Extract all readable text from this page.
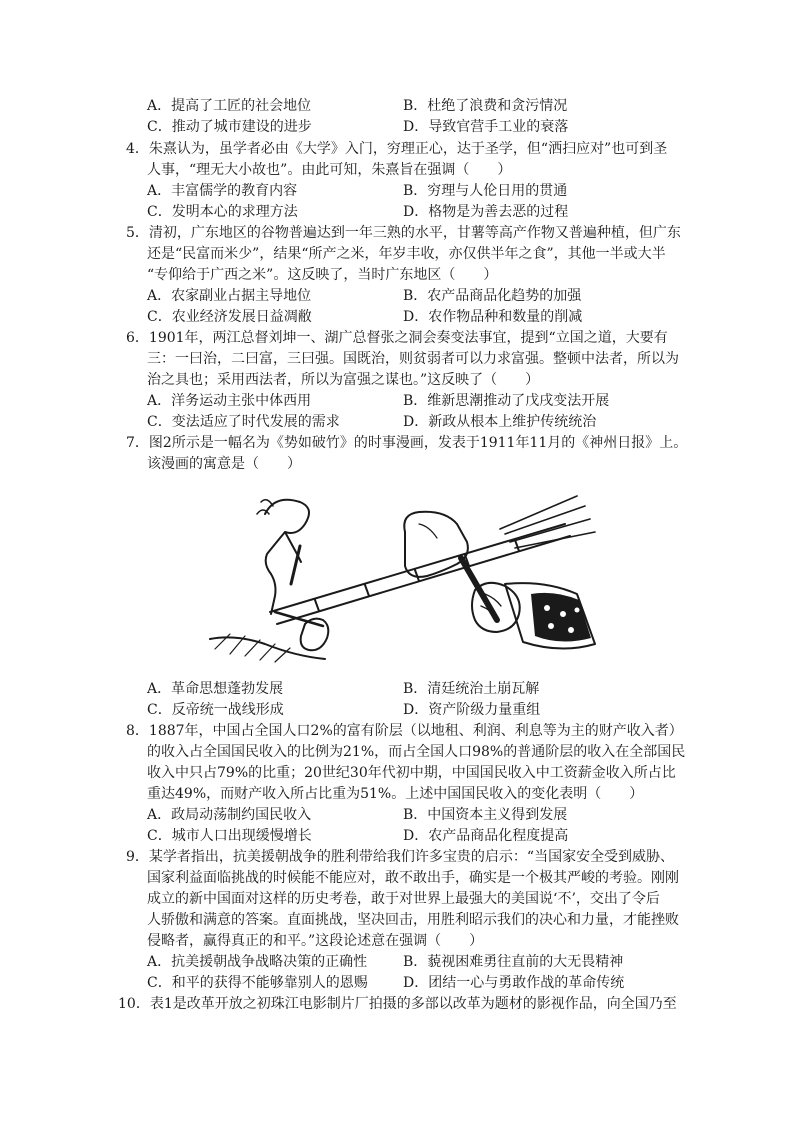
A．提高了工匠的社会地位	B．杜绝了浪费和贪污情况
C．推动了城市建设的进步	D．导致官营手工业的衰落
4．朱熹认为，虽学者必由《大学》入门，穷理正心，达于圣学，但“洒扫应对”也可到圣
人事，“理无大小故也”。由此可知，朱熹旨在强调（　　）
A．丰富儒学的教育内容	B．穷理与人伦日用的贯通
C．发明本心的求理方法	D．格物是为善去恶的过程
5．清初，广东地区的谷物普遍达到一年三熟的水平，甘薯等高产作物又普遍种植，但广东
还是“民富而米少”，结果“所产之米，年岁丰收，亦仅供半年之食”，其他一半或大半
“专仰给于广西之米”。这反映了，当时广东地区（　　）
A．农家副业占据主导地位	B．农产品商品化趋势的加强
C．农业经济发展日益凋敝	D．农作物品种和数量的削减
6．1901年，两江总督刘坤一、湖广总督张之洞会奏变法事宜，提到“立国之道，大要有
三：一曰治，二曰富，三曰强。国既治，则贫弱者可以力求富强。整顿中法者，所以为
治之具也；采用西法者，所以为富强之谋也。”这反映了（　　）
A．洋务运动主张中体西用	B．维新思潮推动了戊戌变法开展
C．变法适应了时代发展的需求	D．新政从根本上维护传统统治
7．图2所示是一幅名为《势如破竹》的时事漫画，发表于1911年11月的《神州日报》上。
该漫画的寓意是（　　）
A．革命思想蓬勃发展	B．清廷统治土崩瓦解
C．反帝统一战线形成	D．资产阶级力量重组
8．1887年，中国占全国人口2%的富有阶层（以地租、利润、利息等为主的财产收入者）
的收入占全国国民收入的比例为21%，而占全国人口98%的普通阶层的收入在全部国民
收入中只占79%的比重；20世纪30年代初中期，中国国民收入中工资薪金收入所占比
重达49%，而财产收入所占比重为51%。上述中国国民收入的变化表明（　　）
A．政局动荡制约国民收入	B．中国资本主义得到发展
C．城市人口出现缓慢增长	D．农产品商品化程度提高
9．某学者指出，抗美援朝战争的胜利带给我们许多宝贵的启示：“当国家安全受到威胁、
国家利益面临挑战的时候能不能应对，敢不敢出手，确实是一个极其严峻的考验。刚刚
成立的新中国面对这样的历史考卷，敢于对世界上最强大的美国说‘不’，交出了令后
人骄傲和满意的答案。直面挑战，坚决回击，用胜利昭示我们的决心和力量，才能挫败
侵略者，赢得真正的和平。”这段论述意在强调（　　）
A．抗美援朝战争战略决策的正确性	B．藐视困难勇往直前的大无畏精神
C．和平的获得不能够靠别人的恩赐	D．团结一心与勇敢作战的革命传统
10．表1是改革开放之初珠江电影制片厂拍摄的多部以改革为题材的影视作品，向全国乃至
